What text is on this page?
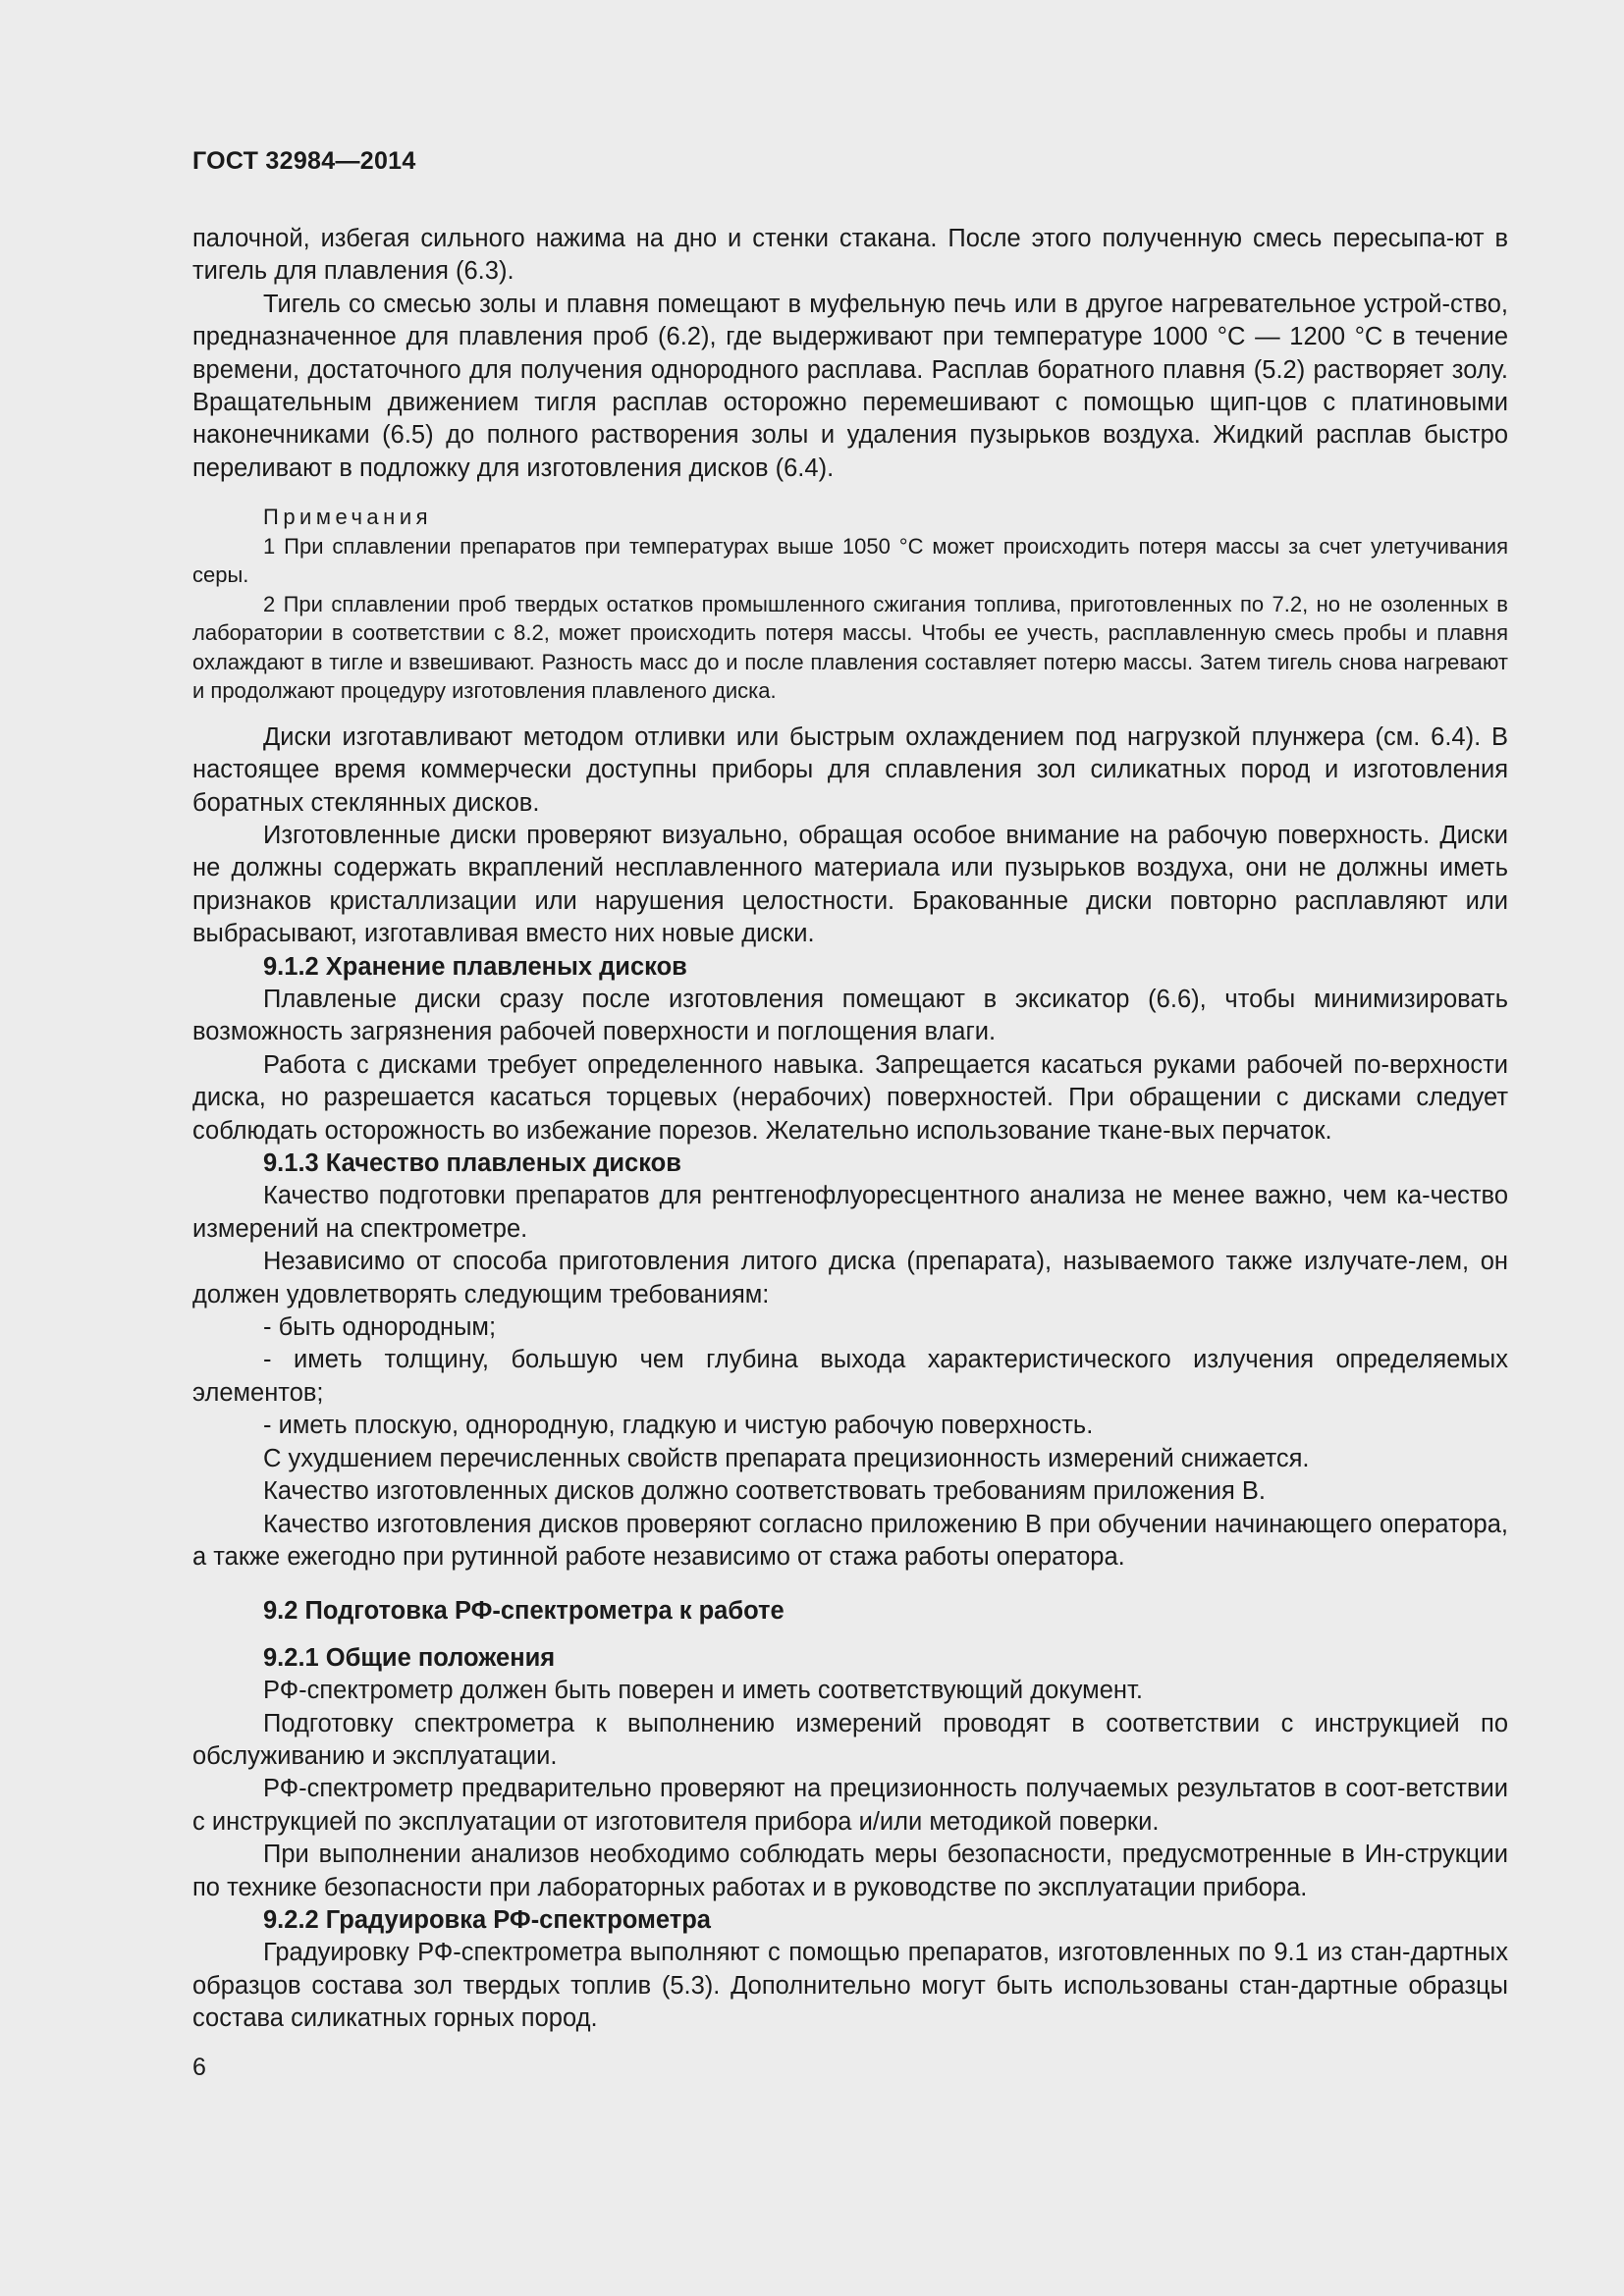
ГОСТ 32984—2014

палочной, избегая сильного нажима на дно и стенки стакана. После этого полученную смесь пересыпа-ют в тигель для плавления (6.3).

Тигель со смесью золы и плавня помещают в муфельную печь или в другое нагревательное устрой-ство, предназначенное для плавления проб (6.2), где выдерживают при температуре 1000 °С — 1200 °С в течение времени, достаточного для получения однородного расплава. Расплав боратного плавня (5.2) растворяет золу. Вращательным движением тигля расплав осторожно перемешивают с помощью щип-цов с платиновыми наконечниками (6.5) до полного растворения золы и удаления пузырьков воздуха. Жидкий расплав быстро переливают в подложку для изготовления дисков (6.4).

Примечания

1 При сплавлении препаратов при температурах выше 1050 °С может происходить потеря массы за счет улетучивания серы.

2 При сплавлении проб твердых остатков промышленного сжигания топлива, приготовленных по 7.2, но не озоленных в лаборатории в соответствии с 8.2, может происходить потеря массы. Чтобы ее учесть, расплавленную смесь пробы и плавня охлаждают в тигле и взвешивают. Разность масс до и после плавления составляет потерю массы. Затем тигель снова нагревают и продолжают процедуру изготовления плавленого диска.

Диски изготавливают методом отливки или быстрым охлаждением под нагрузкой плунжера (см. 6.4). В настоящее время коммерчески доступны приборы для сплавления зол силикатных пород и изготовления боратных стеклянных дисков.

Изготовленные диски проверяют визуально, обращая особое внимание на рабочую поверхность. Диски не должны содержать вкраплений несплавленного материала или пузырьков воздуха, они не должны иметь признаков кристаллизации или нарушения целостности. Бракованные диски повторно расплавляют или выбрасывают, изготавливая вместо них новые диски.

9.1.2 Хранение плавленых дисков

Плавленые диски сразу после изготовления помещают в эксикатор (6.6), чтобы минимизировать возможность загрязнения рабочей поверхности и поглощения влаги.

Работа с дисками требует определенного навыка. Запрещается касаться руками рабочей по-верхности диска, но разрешается касаться торцевых (нерабочих) поверхностей. При обращении с дисками следует соблюдать осторожность во избежание порезов. Желательно использование ткане-вых перчаток.

9.1.3 Качество плавленых дисков

Качество подготовки препаратов для рентгенофлуоресцентного анализа не менее важно, чем ка-чество измерений на спектрометре.

Независимо от способа приготовления литого диска (препарата), называемого также излучате-лем, он должен удовлетворять следующим требованиям:

- быть однородным;

- иметь толщину, большую чем глубина выхода характеристического излучения определяемых элементов;

- иметь плоскую, однородную, гладкую и чистую рабочую поверхность.

С ухудшением перечисленных свойств препарата прецизионность измерений снижается.

Качество изготовленных дисков должно соответствовать требованиям приложения В.

Качество изготовления дисков проверяют согласно приложению В при обучении начинающего оператора, а также ежегодно при рутинной работе независимо от стажа работы оператора.

9.2 Подготовка РФ-спектрометра к работе

9.2.1 Общие положения

РФ-спектрометр должен быть поверен и иметь соответствующий документ.

Подготовку спектрометра к выполнению измерений проводят в соответствии с инструкцией по обслуживанию и эксплуатации.

РФ-спектрометр предварительно проверяют на прецизионность получаемых результатов в соот-ветствии с инструкцией по эксплуатации от изготовителя прибора и/или методикой поверки.

При выполнении анализов необходимо соблюдать меры безопасности, предусмотренные в Ин-струкции по технике безопасности при лабораторных работах и в руководстве по эксплуатации прибора.

9.2.2 Градуировка РФ-спектрометра

Градуировку РФ-спектрометра выполняют с помощью препаратов, изготовленных по 9.1 из стан-дартных образцов состава зол твердых топлив (5.3). Дополнительно могут быть использованы стан-дартные образцы состава силикатных горных пород.

6
